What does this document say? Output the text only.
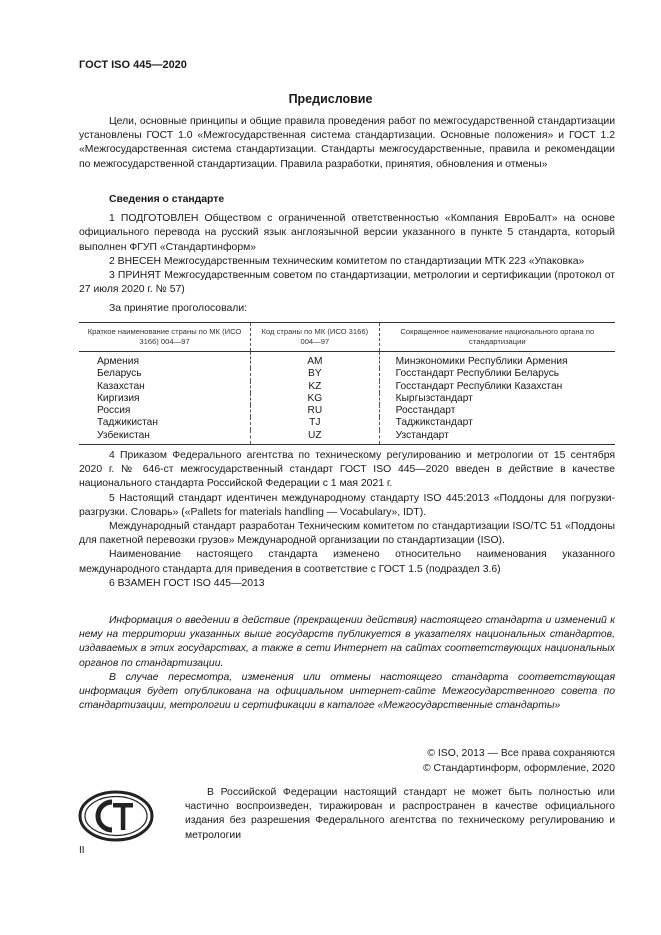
ГОСТ ISO 445—2020
Предисловие

Цели, основные принципы и общие правила проведения работ по межгосударственной стандартизации установлены ГОСТ 1.0 «Межгосударственная система стандартизации. Основные положения» и ГОСТ 1.2 «Межгосударственная система стандартизации. Стандарты межгосударственные, правила и рекомендации по межгосударственной стандартизации. Правила разработки, принятия, обновления и отмены»

Сведения о стандарте

1 ПОДГОТОВЛЕН Обществом с ограниченной ответственностью «Компания ЕвроБалт» на основе официального перевода на русский язык англоязычной версии указанного в пункте 5 стандарта, который выполнен ФГУП «Стандартинформ»

2 ВНЕСЕН Межгосударственным техническим комитетом по стандартизации МТК 223 «Упаковка»

3 ПРИНЯТ Межгосударственным советом по стандартизации, метрологии и сертификации (протокол от 27 июля 2020 г. № 57)

За принятие проголосовали:

Краткое наименование страны по МК (ИСО 3166) 004—97	Код страны по МК (ИСО 3166) 004—97	Сокращенное наименование национального органа по стандартизации
Армения	AM	Минэкономики Республики Армения
Беларусь	BY	Госстандарт Республики Беларусь
Казахстан	KZ	Госстандарт Республики Казахстан
Киргизия	KG	Кыргызстандарт
Россия	RU	Росстандарт
Таджикистан	TJ	Таджикстандарт
Узбекистан	UZ	Узстандарт

4 Приказом Федерального агентства по техническому регулированию и метрологии от 15 сентября 2020 г. № 646-ст межгосударственный стандарт ГОСТ ISO 445—2020 введен в действие в качестве национального стандарта Российской Федерации с 1 мая 2021 г.

5 Настоящий стандарт идентичен международному стандарту ISO 445:2013 «Поддоны для погрузки-разгрузки. Словарь» («Pallets for materials handling — Vocabulary», IDT).

Международный стандарт разработан Техническим комитетом по стандартизации ISO/TC 51 «Поддоны для пакетной перевозки грузов» Международной организации по стандартизации (ISO).

Наименование настоящего стандарта изменено относительно наименования указанного международного стандарта для приведения в соответствие с ГОСТ 1.5 (подраздел 3.6)

6 ВЗАМЕН ГОСТ ISO 445—2013

Информация о введении в действие (прекращении действия) настоящего стандарта и изменений к нему на территории указанных выше государств публикуется в указателях национальных стандартов, издаваемых в этих государствах, а также в сети Интернет на сайтах соответствующих национальных органов по стандартизации.

В случае пересмотра, изменения или отмены настоящего стандарта соответствующая информация будет опубликована на официальном интернет-сайте Межгосударственного совета по стандартизации, метрологии и сертификации в каталоге «Межгосударственные стандарты»

© ISO, 2013 — Все права сохраняются
© Стандартинформ, оформление, 2020
В Российской Федерации настоящий стандарт не может быть полностью или частично воспроизведен, тиражирован и распространен в качестве официального издания без разрешения Федерального агентства по техническому регулированию и метрологии
II
